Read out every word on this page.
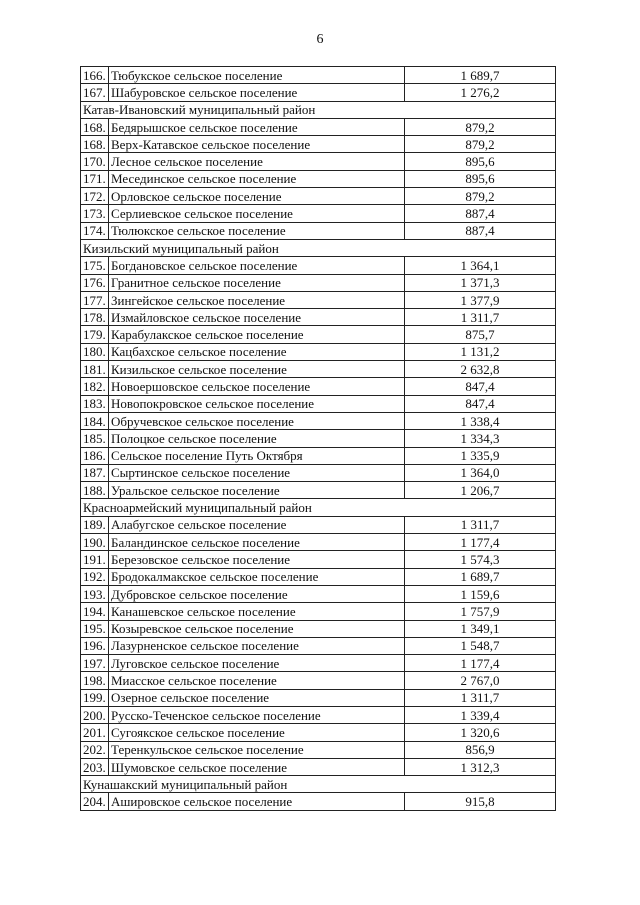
6
166.	Тюбукское сельское поселение	1 689,7
167.	Шабуровское сельское поселение	1 276,2
Катав-Ивановский муниципальный район		
168.	Бедярышское сельское поселение	879,2
168.	Верх-Катавское сельское поселение	879,2
170.	Лесное сельское поселение	895,6
171.	Месединское сельское поселение	895,6
172.	Орловское сельское поселение	879,2
173.	Серлиевское сельское поселение	887,4
174.	Тюлюкское сельское поселение	887,4
Кизильский муниципальный район		
175.	Богдановское сельское поселение	1 364,1
176.	Гранитное сельское поселение	1 371,3
177.	Зингейское сельское поселение	1 377,9
178.	Измайловское сельское поселение	1 311,7
179.	Карабулакское сельское поселение	875,7
180.	Кацбахское сельское поселение	1 131,2
181.	Кизильское сельское поселение	2 632,8
182.	Новоершовское сельское поселение	847,4
183.	Новопокровское сельское поселение	847,4
184.	Обручевское сельское поселение	1 338,4
185.	Полоцкое сельское поселение	1 334,3
186.	Сельское поселение Путь Октября	1 335,9
187.	Сыртинское сельское поселение	1 364,0
188.	Уральское сельское поселение	1 206,7
Красноармейский муниципальный район		
189.	Алабугское сельское поселение	1 311,7
190.	Баландинское сельское поселение	1 177,4
191.	Березовское сельское поселение	1 574,3
192.	Бродокалмакское сельское поселение	1 689,7
193.	Дубровское сельское поселение	1 159,6
194.	Канашевское сельское поселение	1 757,9
195.	Козыревское сельское поселение	1 349,1
196.	Лазурненское сельское поселение	1 548,7
197.	Луговское сельское поселение	1 177,4
198.	Миасское сельское поселение	2 767,0
199.	Озерное сельское поселение	1 311,7
200.	Русско-Теченское сельское поселение	1 339,4
201.	Сугоякское сельское поселение	1 320,6
202.	Теренкульское сельское поселение	856,9
203.	Шумовское сельское поселение	1 312,3
Кунашакский муниципальный район		
204.	Ашировское сельское поселение	915,8
